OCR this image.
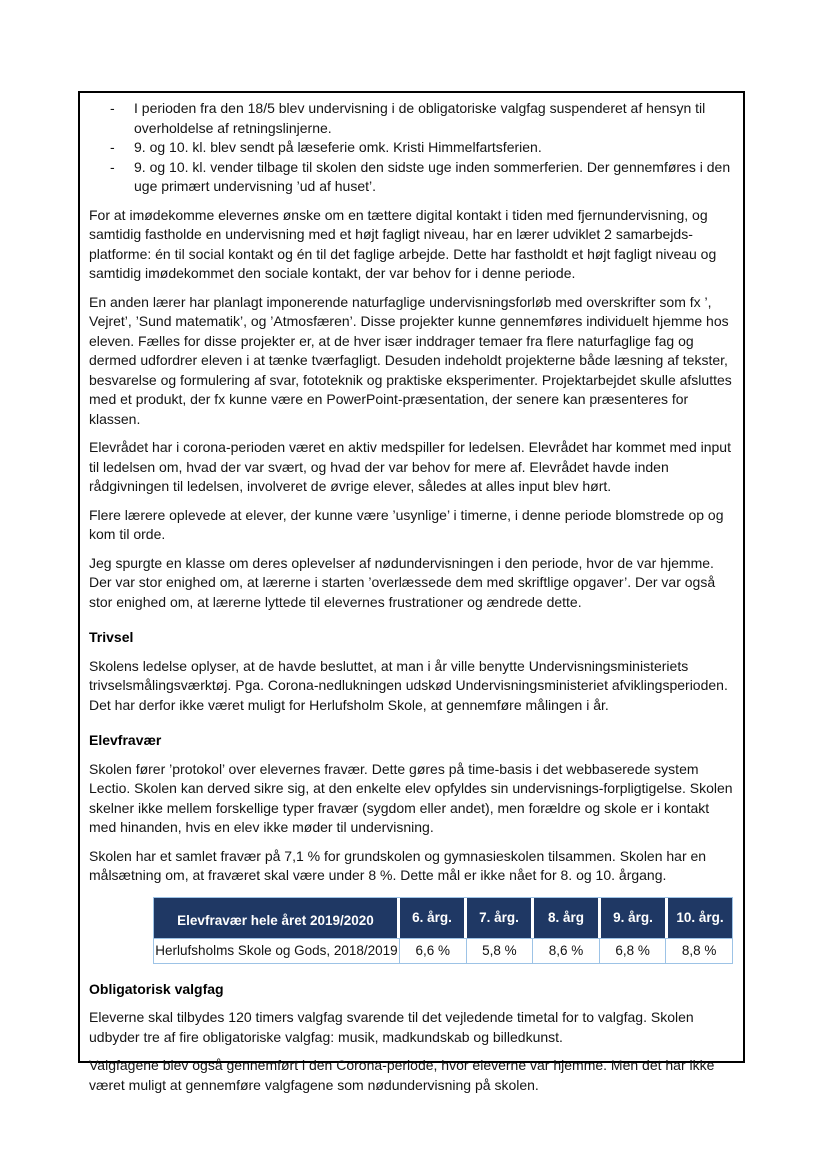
-	I perioden fra den 18/5 blev undervisning i de obligatoriske valgfag suspenderet af hensyn til overholdelse af retningslinjerne.
-	9. og 10. kl. blev sendt på læseferie omk. Kristi Himmelfartsferien.
-	9. og 10. kl. vender tilbage til skolen den sidste uge inden sommerferien. Der gennemføres i den uge primært undervisning ’ud af huset’.

For at imødekomme elevernes ønske om en tættere digital kontakt i tiden med fjernundervisning, og samtidig fastholde en undervisning med et højt fagligt niveau, har en lærer udviklet 2 samarbejds-platforme: én til social kontakt og én til det faglige arbejde. Dette har fastholdt et højt fagligt niveau og samtidig imødekommet den sociale kontakt, der var behov for i denne periode.

En anden lærer har planlagt imponerende naturfaglige undervisningsforløb med overskrifter som fx ’, Vejret’, ’Sund matematik’, og ’Atmosfæren’. Disse projekter kunne gennemføres individuelt hjemme hos eleven. Fælles for disse projekter er, at de hver især inddrager temaer fra flere naturfaglige fag og dermed udfordrer eleven i at tænke tværfagligt. Desuden indeholdt projekterne både læsning af tekster, besvarelse og formulering af svar, fototeknik og praktiske eksperimenter. Projektarbejdet skulle afsluttes med et produkt, der fx kunne være en PowerPoint-præsentation, der senere kan præsenteres for klassen.

Elevrådet har i corona-perioden været en aktiv medspiller for ledelsen. Elevrådet har kommet med input til ledelsen om, hvad der var svært, og hvad der var behov for mere af. Elevrådet havde inden rådgivningen til ledelsen, involveret de øvrige elever, således at alles input blev hørt.

Flere lærere oplevede at elever, der kunne være ’usynlige’ i timerne, i denne periode blomstrede op og kom til orde.

Jeg spurgte en klasse om deres oplevelser af nødundervisningen i den periode, hvor de var hjemme. Der var stor enighed om, at lærerne i starten ’overlæssede dem med skriftlige opgaver’. Der var også stor enighed om, at lærerne lyttede til elevernes frustrationer og ændrede dette.

Trivsel

Skolens ledelse oplyser, at de havde besluttet, at man i år ville benytte Undervisningsministeriets trivselsmålingsværktøj. Pga. Corona-nedlukningen udskød Undervisningsministeriet afviklingsperioden. Det har derfor ikke været muligt for Herlufsholm Skole, at gennemføre målingen i år.

Elevfravær

Skolen fører ’protokol’ over elevernes fravær. Dette gøres på time-basis i det webbaserede system Lectio. Skolen kan derved sikre sig, at den enkelte elev opfyldes sin undervisnings-forpligtigelse. Skolen skelner ikke mellem forskellige typer fravær (sygdom eller andet), men forældre og skole er i kontakt med hinanden, hvis en elev ikke møder til undervisning.

Skolen har et samlet fravær på 7,1 % for grundskolen og gymnasieskolen tilsammen. Skolen har en målsætning om, at fraværet skal være under 8 %. Dette mål er ikke nået for 8. og 10. årgang.

Elevfravær hele året 2019/2020	6. årg.	7. årg.	8. årg	9. årg.	10. årg.
Herlufsholms Skole og Gods, 2018/2019	6,6 %	5,8 %	8,6 %	6,8 %	8,8 %
Obligatorisk valgfag

Eleverne skal tilbydes 120 timers valgfag svarende til det vejledende timetal for to valgfag. Skolen udbyder tre af fire obligatoriske valgfag: musik, madkundskab og billedkunst.

Valgfagene blev også gennemført i den Corona-periode, hvor eleverne var hjemme. Men det har ikke været muligt at gennemføre valgfagene som nødundervisning på skolen.
